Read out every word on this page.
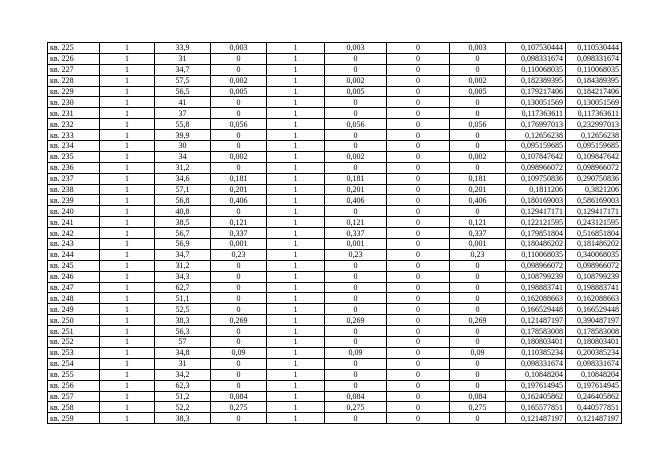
кв. 225	1	33,9	0,003	1	0,003	0	0,003	0,107530444	0,110530444
кв. 226	1	31	0	1	0	0	0	0,098331674	0,098331674
кв. 227	1	34,7	0	1	0	0	0	0,110068035	0,110068035
кв. 228	1	57,5	0,002	1	0,002	0	0,002	0,182389395	0,184389395
кв. 229	1	56,5	0,005	1	0,005	0	0,005	0,179217406	0,184217406
кв. 230	1	41	0	1	0	0	0	0,130051569	0,130051569
кв. 231	1	37	0	1	0	0	0	0,117363611	0,117363611
кв. 232	1	55,8	0,056	1	0,056	0	0,056	0,176997013	0,232997013
кв. 233	1	39,9	0	1	0	0	0	0,12656238	0,12656238
кв. 234	1	30	0	1	0	0	0	0,095159685	0,095159685
кв. 235	1	34	0,002	1	0,002	0	0,002	0,107847642	0,109847642
кв. 236	1	31,2	0	1	0	0	0	0,098966072	0,098966072
кв. 237	1	34,6	0,181	1	0,181	0	0,181	0,109750836	0,290750836
кв. 238	1	57,1	0,201	1	0,201	0	0,201	0,1811206	0,3821206
кв. 239	1	56,8	0,406	1	0,406	0	0,406	0,180169003	0,586169003
кв. 240	1	40,8	0	1	0	0	0	0,129417171	0,129417171
кв. 241	1	38,5	0,121	1	0,121	0	0,121	0,122121595	0,243121595
кв. 242	1	56,7	0,337	1	0,337	0	0,337	0,179851804	0,516851804
кв. 243	1	56,9	0,001	1	0,001	0	0,001	0,180486202	0,181486202
кв. 244	1	34,7	0,23	1	0,23	0	0,23	0,110068035	0,340068035
кв. 245	1	31,2	0	1	0	0	0	0,098966072	0,098966072
кв. 246	1	34,3	0	1	0	0	0	0,108799239	0,108799239
кв. 247	1	62,7	0	1	0	0	0	0,198883741	0,198883741
кв. 248	1	51,1	0	1	0	0	0	0,162088663	0,162088663
кв. 249	1	52,5	0	1	0	0	0	0,166529448	0,166529448
кв. 250	1	38,3	0,269	1	0,269	0	0,269	0,121487197	0,390487197
кв. 251	1	56,3	0	1	0	0	0	0,178583008	0,178583008
кв. 252	1	57	0	1	0	0	0	0,180803401	0,180803401
кв. 253	1	34,8	0,09	1	0,09	0	0,09	0,110385234	0,200385234
кв. 254	1	31	0	1	0	0	0	0,098331674	0,098331674
кв. 255	1	34,2	0	1	0	0	0	0,10848204	0,10848204
кв. 256	1	62,3	0	1	0	0	0	0,197614945	0,197614945
кв. 257	1	51,2	0,084	1	0,084	0	0,084	0,162405862	0,246405862
кв. 258	1	52,2	0,275	1	0,275	0	0,275	0,165577851	0,440577851
кв. 259	1	38,3	0	1	0	0	0	0,121487197	0,121487197
